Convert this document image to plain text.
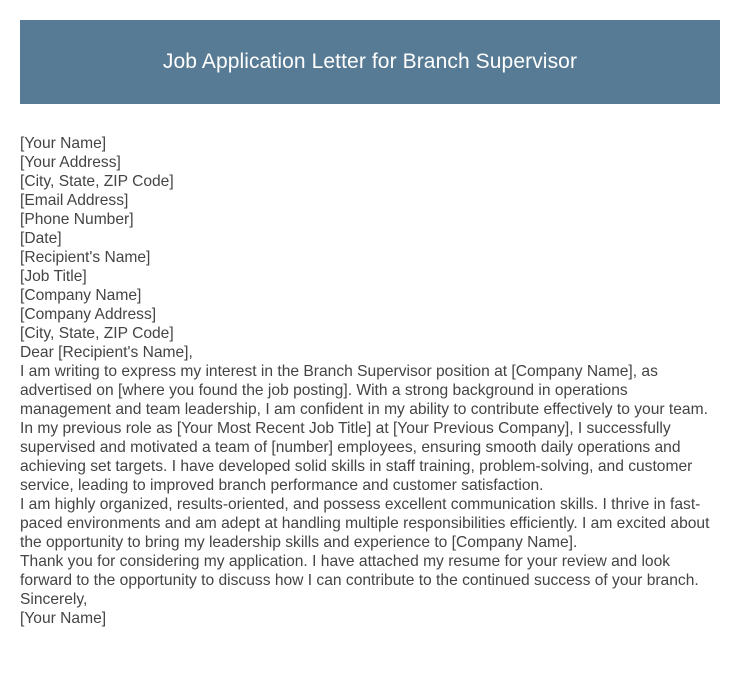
Job Application Letter for Branch Supervisor
[Your Name]
[Your Address]
[City, State, ZIP Code]
[Email Address]
[Phone Number]
[Date]
[Recipient's Name]
[Job Title]
[Company Name]
[Company Address]
[City, State, ZIP Code]
Dear [Recipient's Name],

I am writing to express my interest in the Branch Supervisor position at [Company Name], as advertised on [where you found the job posting]. With a strong background in operations management and team leadership, I am confident in my ability to contribute effectively to your team.

In my previous role as [Your Most Recent Job Title] at [Your Previous Company], I successfully supervised and motivated a team of [number] employees, ensuring smooth daily operations and achieving set targets. I have developed solid skills in staff training, problem-solving, and customer service, leading to improved branch performance and customer satisfaction.

I am highly organized, results-oriented, and possess excellent communication skills. I thrive in fast-paced environments and am adept at handling multiple responsibilities efficiently. I am excited about the opportunity to bring my leadership skills and experience to [Company Name].

Thank you for considering my application. I have attached my resume for your review and look forward to the opportunity to discuss how I can contribute to the continued success of your branch.

Sincerely,
[Your Name]
